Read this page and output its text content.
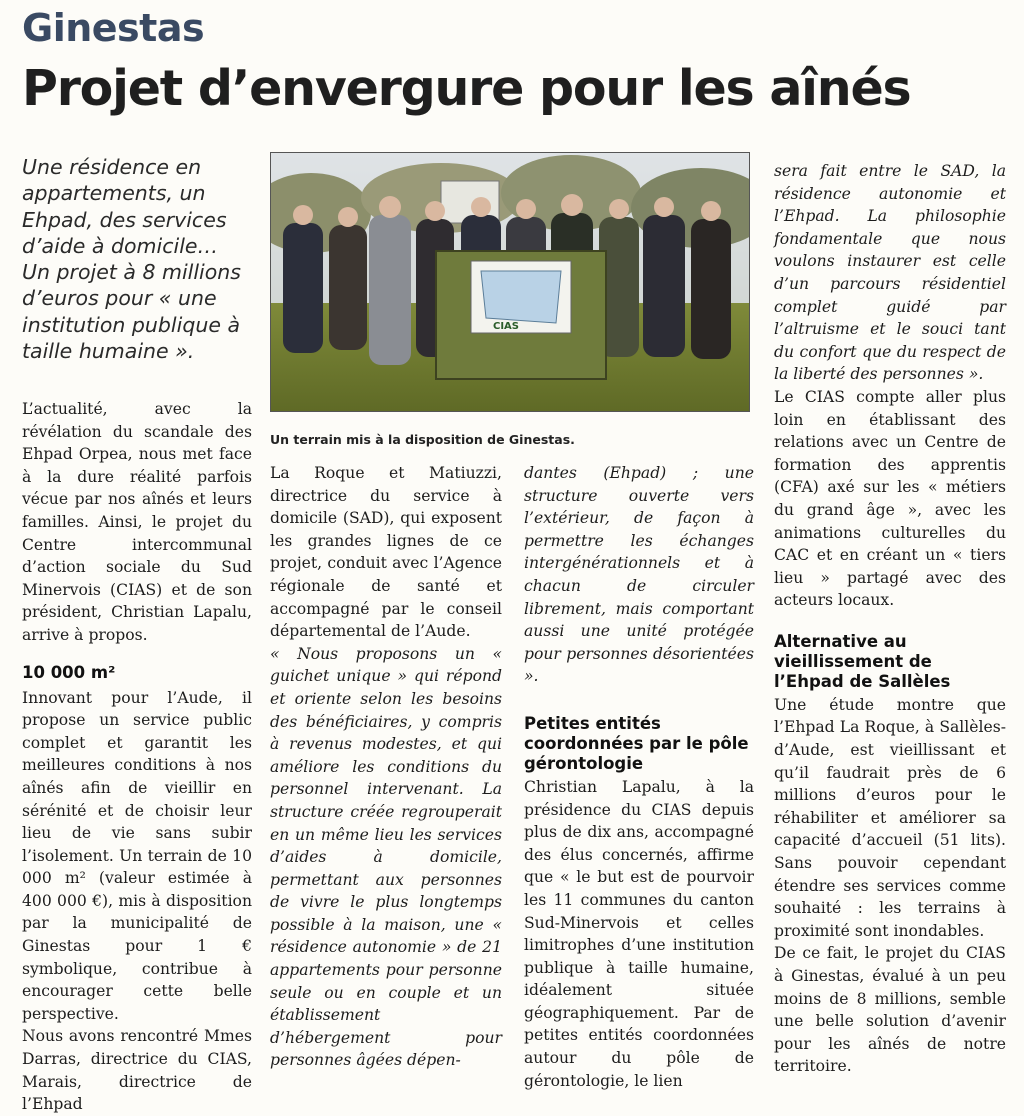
Ginestas
Projet d’envergure pour les aînés
Une résidence en appartements, un Ehpad, des services d’aide à domicile… Un projet à 8 millions d’euros pour « une institution publique à taille humaine ».

L’actualité, avec la révélation du scandale des Ehpad Orpea, nous met face à la dure réalité parfois vécue par nos aînés et leurs familles. Ainsi, le projet du Centre intercommunal d’action sociale du Sud Minervois (CIAS) et de son président, Christian Lapalu, arrive à propos.

10 000 m²

Innovant pour l’Aude, il propose un service public complet et garantit les meilleures conditions à nos aînés afin de vieillir en sérénité et de choisir leur lieu de vie sans subir l’isolement. Un terrain de 10 000 m² (valeur estimée à 400 000 €), mis à disposition par la municipalité de Ginestas pour 1 € symbolique, contribue à encourager cette belle perspective.

Nous avons rencontré Mmes Darras, directrice du CIAS, Marais, directrice de l’Ehpad

CIAS
Un terrain mis à la disposition de Ginestas.

La Roque et Matiuzzi, directrice du service à domicile (SAD), qui exposent les grandes lignes de ce projet, conduit avec l’Agence régionale de santé et accompagné par le conseil départemental de l’Aude.

« Nous proposons un « guichet unique » qui répond et oriente selon les besoins des bénéficiaires, y compris à revenus modestes, et qui améliore les conditions du personnel intervenant. La structure créée regrouperait en un même lieu les services d’aides à domicile, permettant aux personnes de vivre le plus longtemps possible à la maison, une « résidence autonomie » de 21 appartements pour personne seule ou en couple et un établissement d’hébergement pour personnes âgées dépen-

dantes (Ehpad) ; une structure ouverte vers l’extérieur, de façon à permettre les échanges intergénérationnels et à chacun de circuler librement, mais comportant aussi une unité protégée pour personnes désorientées ».

Petites entités coordonnées par le pôle gérontologie

Christian Lapalu, à la présidence du CIAS depuis plus de dix ans, accompagné des élus concernés, affirme que « le but est de pourvoir les 11 communes du canton Sud-Minervois et celles limitrophes d’une institution publique à taille humaine, idéalement située géographiquement. Par de petites entités coordonnées autour du pôle de gérontologie, le lien

sera fait entre le SAD, la résidence autonomie et l’Ehpad. La philosophie fondamentale que nous voulons instaurer est celle d’un parcours résidentiel complet guidé par l’altruisme et le souci tant du confort que du respect de la liberté des personnes ».

Le CIAS compte aller plus loin en établissant des relations avec un Centre de formation des apprentis (CFA) axé sur les « métiers du grand âge », avec les animations culturelles du CAC et en créant un « tiers lieu » partagé avec des acteurs locaux.

Alternative au vieillissement de l’Ehpad de Sallèles

Une étude montre que l’Ehpad La Roque, à Sallèles-d’Aude, est vieillissant et qu’il faudrait près de 6 millions d’euros pour le réhabiliter et améliorer sa capacité d’accueil (51 lits). Sans pouvoir cependant étendre ses services comme souhaité : les terrains à proximité sont inondables.

De ce fait, le projet du CIAS à Ginestas, évalué à un peu moins de 8 millions, semble une belle solution d’avenir pour les aînés de notre territoire.
